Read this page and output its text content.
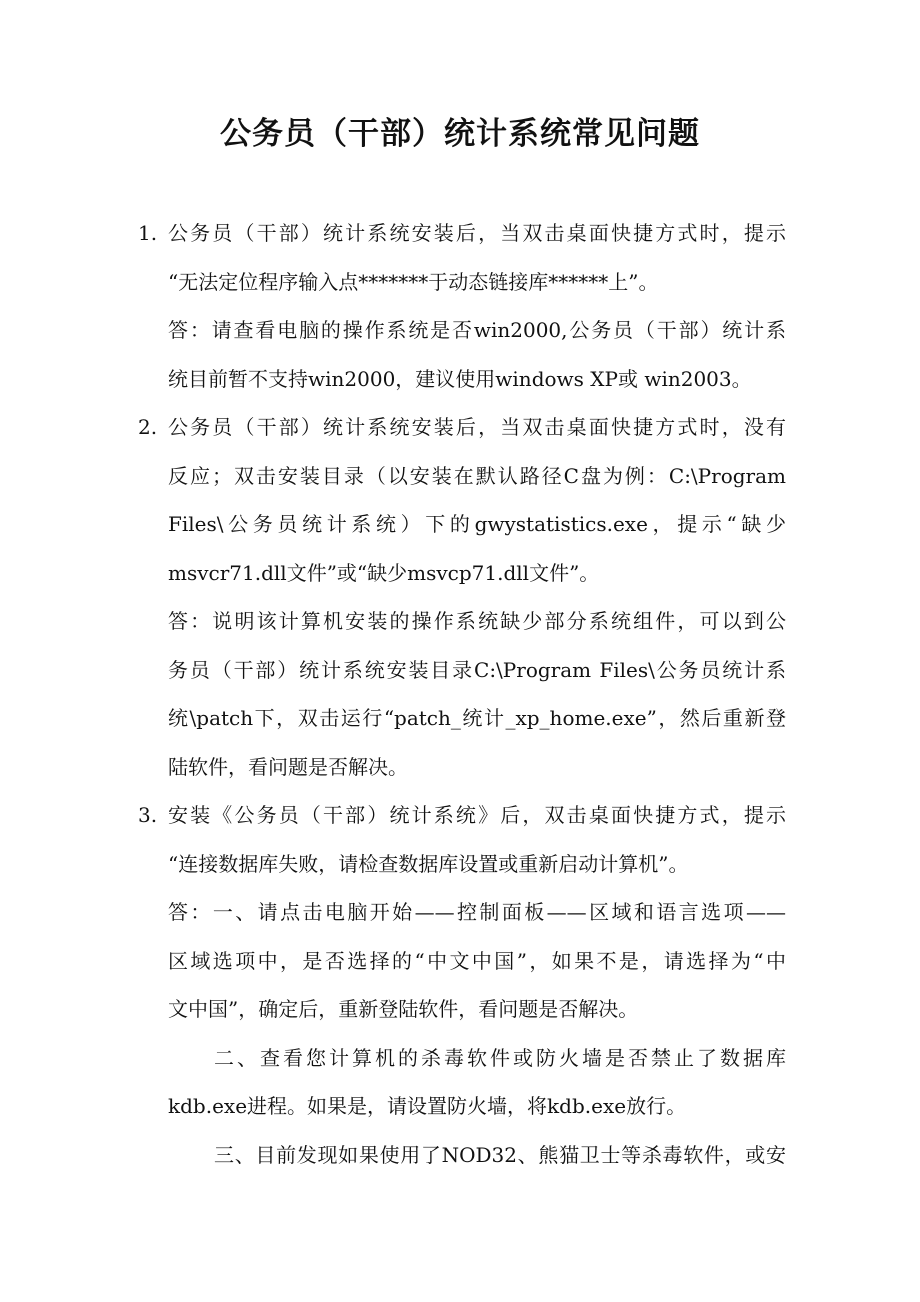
公务员（干部）统计系统常见问题
1. 公务员（干部）统计系统安装后，当双击桌面快捷方式时，提示
“无法定位程序输入点*******于动态链接库******上”。
答：请查看电脑的操作系统是否win2000,公务员（干部）统计系
统目前暂不支持win2000，建议使用windows XP或 win2003。
2. 公务员（干部）统计系统安装后，当双击桌面快捷方式时，没有
反应；双击安装目录（以安装在默认路径C盘为例：C:\Program
Files\公务员统计系统）下的gwystatistics.exe，提示“缺少
msvcr71.dll文件”或“缺少msvcp71.dll文件”。
答：说明该计算机安装的操作系统缺少部分系统组件，可以到公
务员（干部）统计系统安装目录C:\Program Files\公务员统计系
统\patch下，双击运行“patch_统计_xp_home.exe”，然后重新登
陆软件，看问题是否解决。
3. 安装《公务员（干部）统计系统》后，双击桌面快捷方式，提示
“连接数据库失败，请检查数据库设置或重新启动计算机”。
答：一、请点击电脑开始——控制面板——区域和语言选项——
区域选项中，是否选择的“中文中国”，如果不是，请选择为“中
文中国”，确定后，重新登陆软件，看问题是否解决。
二、查看您计算机的杀毒软件或防火墙是否禁止了数据库
kdb.exe进程。如果是，请设置防火墙，将kdb.exe放行。
三、目前发现如果使用了NOD32、熊猫卫士等杀毒软件，或安
